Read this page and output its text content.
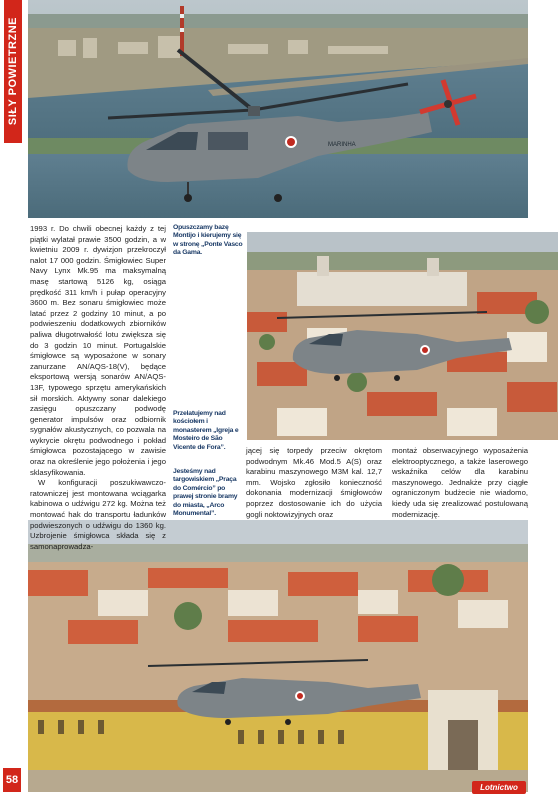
SIŁY POWIETRZNE
MARINHA

1993 r. Do chwili obecnej każdy z tej piątki wylatał prawie 3500 godzin, a w kwietniu 2009 r. dywizjon przekroczył nalot 17 000 godzin. Śmigłowiec Super Navy Lynx Mk.95 ma maksymalną masę startową 5126 kg, osiąga prędkość 311 km/h i pułap operacyjny 3600 m. Bez sonaru śmigłowiec może latać przez 2 godziny 10 minut, a po podwieszeniu dodatkowych zbiorników paliwa długotrwałość lotu zwiększa się do 3 godzin 10 minut. Portugalskie śmigłowce są wyposażone w sonary zanurzane AN/AQS-18(V), będące eksportową wersją sonarów AN/AQS-13F, typowego sprzętu amerykańskich sił morskich. Aktywny sonar dalekiego zasięgu opuszczany podwodę generator impulsów oraz odbiornik sygnałów akustycznych, co pozwala na wykrycie okrętu podwodnego i pokład śmigłowca pozostającego w zawisie oraz na określenie jego położenia i jego sklasyfikowania.

W konfiguracji poszukiwawczo-ratowniczej jest montowana wciągarka kabinowa o udźwigu 272 kg. Można też montować hak do transportu ładunków podwieszonych o udźwigu do 1360 kg. Uzbrojenie śmigłowca składa się z samonaprowadza-

Opuszczamy bazę Montijo i kierujemy się w stronę „Ponte Vasco da Gama.
Przelatujemy nad kościołem i monasterem „Igreja e Mosteiro de São Vicente de Fora”.
Jesteśmy nad targowiskiem „Praça do Comércio” po prawej stronie bramy do miasta, „Arco Monumental”.

jącej się torpedy przeciw okrętom podwodnym Mk.46 Mod.5 A(S) oraz karabinu maszynowego M3M kal. 12,7 mm. Wojsko zgłosiło konieczność dokonania modernizacji śmigłowców poprzez dostosowanie ich do użycia gogli noktowizyjnych oraz

montaż obserwacyjnego wyposażenia elektrooptycznego, a także laserowego wskaźnika celów dla karabinu maszynowego. Jednakże przy ciągłe ograniczonym budżecie nie wiadomo, kiedy uda się zrealizować postulowaną modernizację.

58
Lotnictwo
